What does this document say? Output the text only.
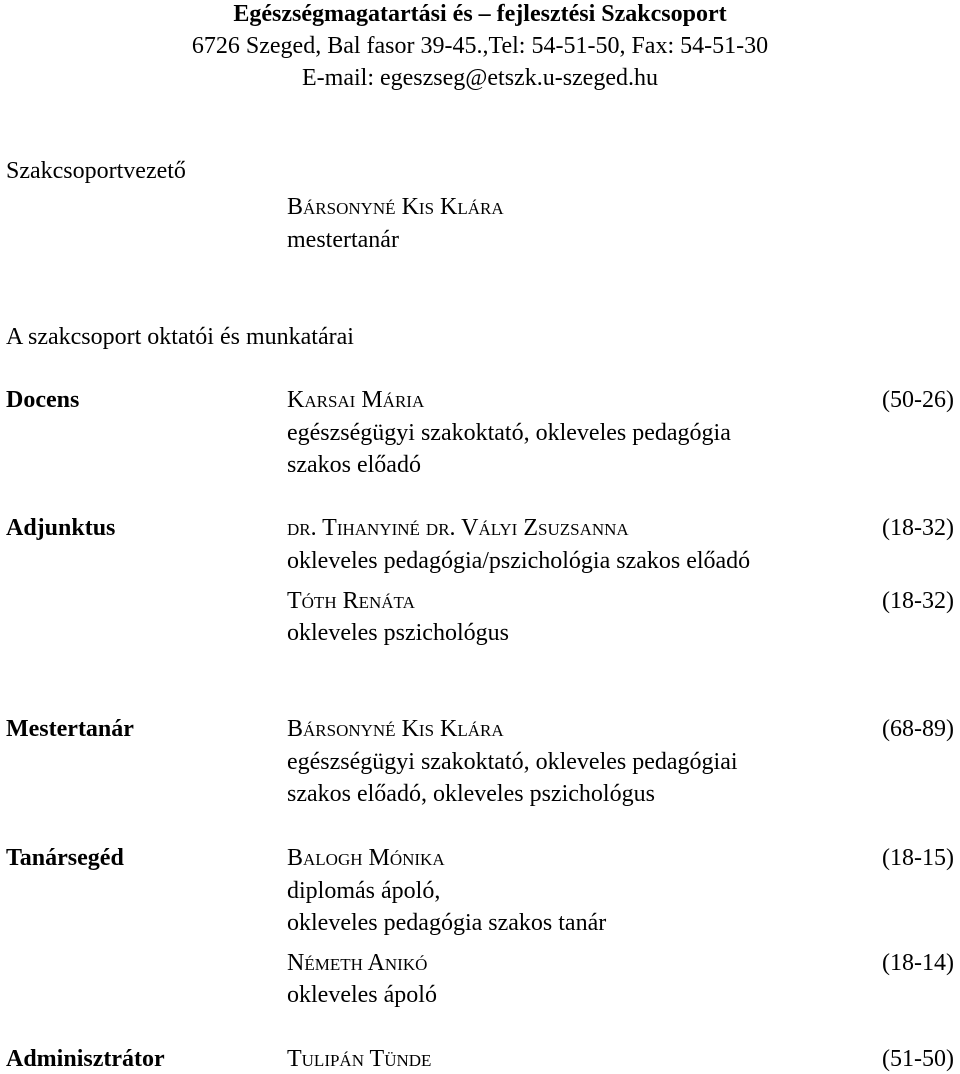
Egészségmagatartási és – fejlesztési Szakcsoport
6726 Szeged, Bal fasor 39-45.,Tel: 54-51-50, Fax: 54-51-30
E-mail: egeszseg@etszk.u-szeged.hu
Szakcsoportvezető
Bársonyné Kis Klára
mestertanár
A szakcsoport oktatói és munkatárai
Docens	Karsai Mária	(50-26)
egészségügyi szakoktató, okleveles pedagógia
szakos előadó
Adjunktus	dr. Tihanyiné dr. Vályi Zsuzsanna	(18-32)
okleveles pedagógia/pszichológia szakos előadó
Tóth Renáta	(18-32)
okleveles pszichológus
Mestertanár	Bársonyné Kis Klára	(68-89)
egészségügyi szakoktató, okleveles pedagógiai
szakos előadó, okleveles pszichológus
Tanársegéd	Balogh Mónika	(18-15)
diplomás ápoló,
okleveles pedagógia szakos tanár
Németh Anikó	(18-14)
okleveles ápoló
Adminisztrátor	Tulipán Tünde	(51-50)
